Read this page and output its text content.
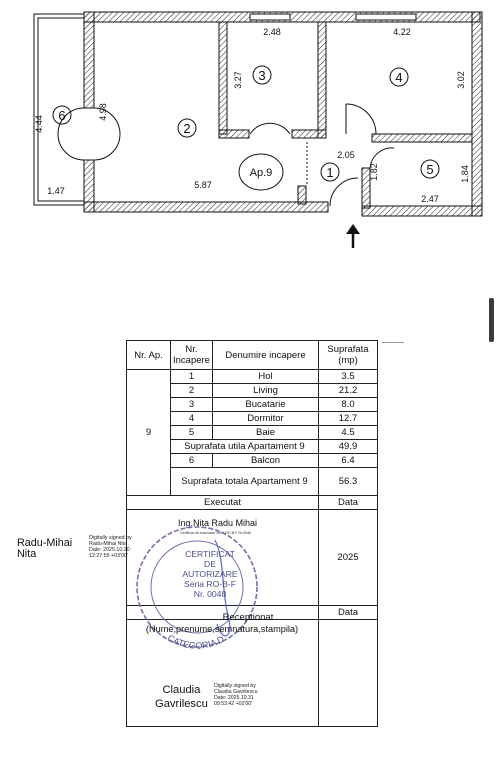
1
2
3	4
5
6
Ap.9
4.44
4.98
1.47
5.87
2.48
3.27
4.22
3.02
2.05
1.82
2.47
1.84
Nr. Ap.	Nr. Incapere	Denumire incapere	Suprafata (mp)
9	1	Hol	3.5
	2	Living	21.2
	3	Bucatarie	8.0
	4	Dormitor	12.7
	5	Baie	4.5
	Suprafata utila Apartament 9		49.9
	6	Balcon	6.4
	Suprafata totala Apartament 9		56.3
Executat			Data
			2025
			Data

Ing.Nita Radu Mihai
Certificat de autorizare Seria RO-B-F Nr.0048
CATEGORIA D
CERTIFICAT
DE
AUTORIZARE
Seria RO-B-F
Nr. 0048
Receptionat
(Nume,prenume,semnatura,stampila)
Radu-Mihai
Nita
Digitally signed by
Radu-Mihai Nita
Date: 2025.10.20
12:27:55 +03'00'
Claudia
Gavrilescu
Digitally signed by
Claudia Gavrilescu
Date: 2025.10.31
09:53:42 +02'00'
